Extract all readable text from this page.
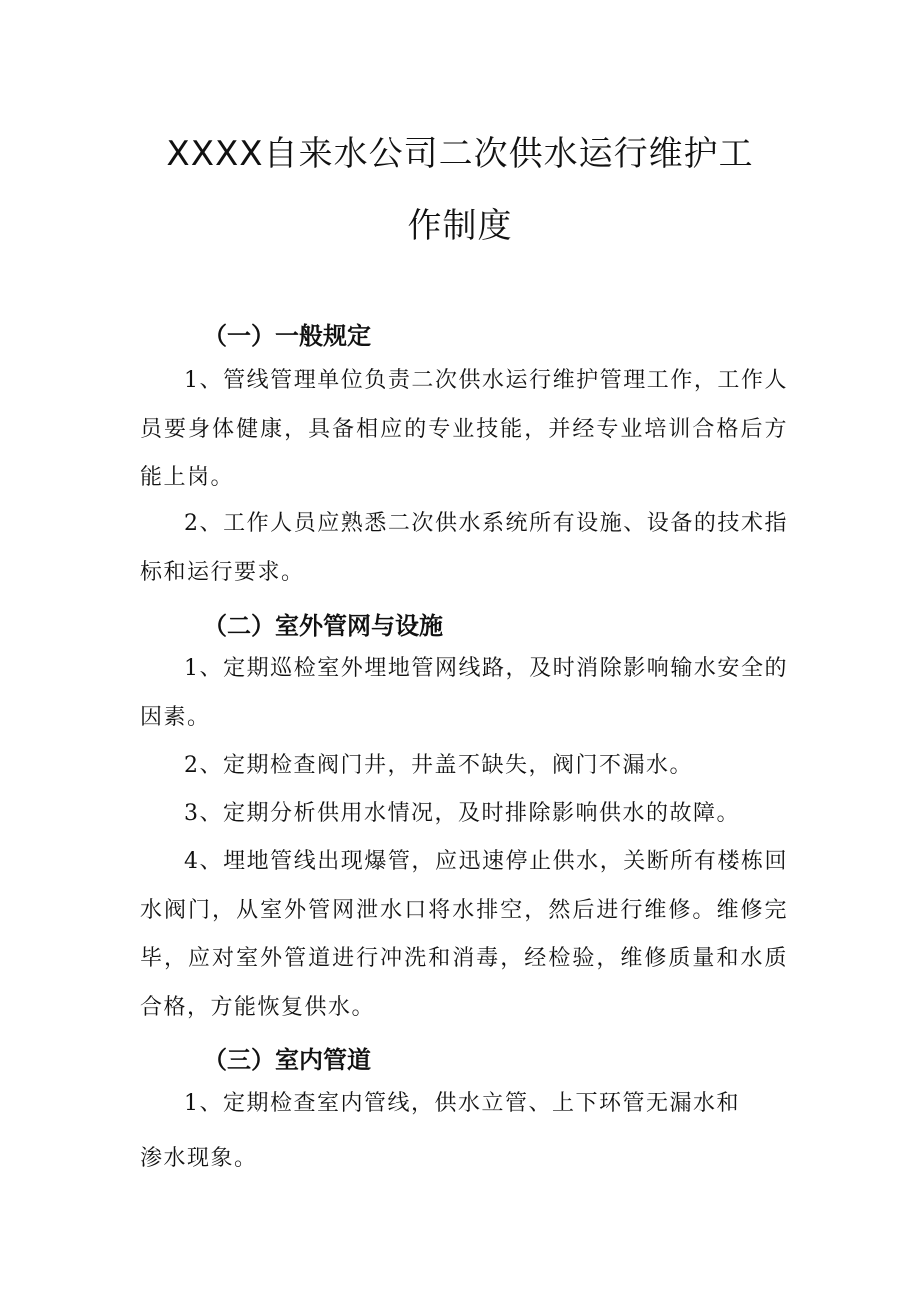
XXXX自来水公司二次供水运行维护工
作制度
（一）一般规定
1、管线管理单位负责二次供水运行维护管理工作，工作人员要身体健康，具备相应的专业技能，并经专业培训合格后方能上岗。
2、工作人员应熟悉二次供水系统所有设施、设备的技术指标和运行要求。
（二）室外管网与设施
1、定期巡检室外埋地管网线路，及时消除影响输水安全的因素。
2、定期检查阀门井，井盖不缺失，阀门不漏水。
3、定期分析供用水情况，及时排除影响供水的故障。
4、埋地管线出现爆管，应迅速停止供水，关断所有楼栋回水阀门，从室外管网泄水口将水排空，然后进行维修。维修完毕，应对室外管道进行冲洗和消毒，经检验，维修质量和水质合格，方能恢复供水。
（三）室内管道
1、定期检查室内管线，供水立管、上下环管无漏水和
渗水现象。
